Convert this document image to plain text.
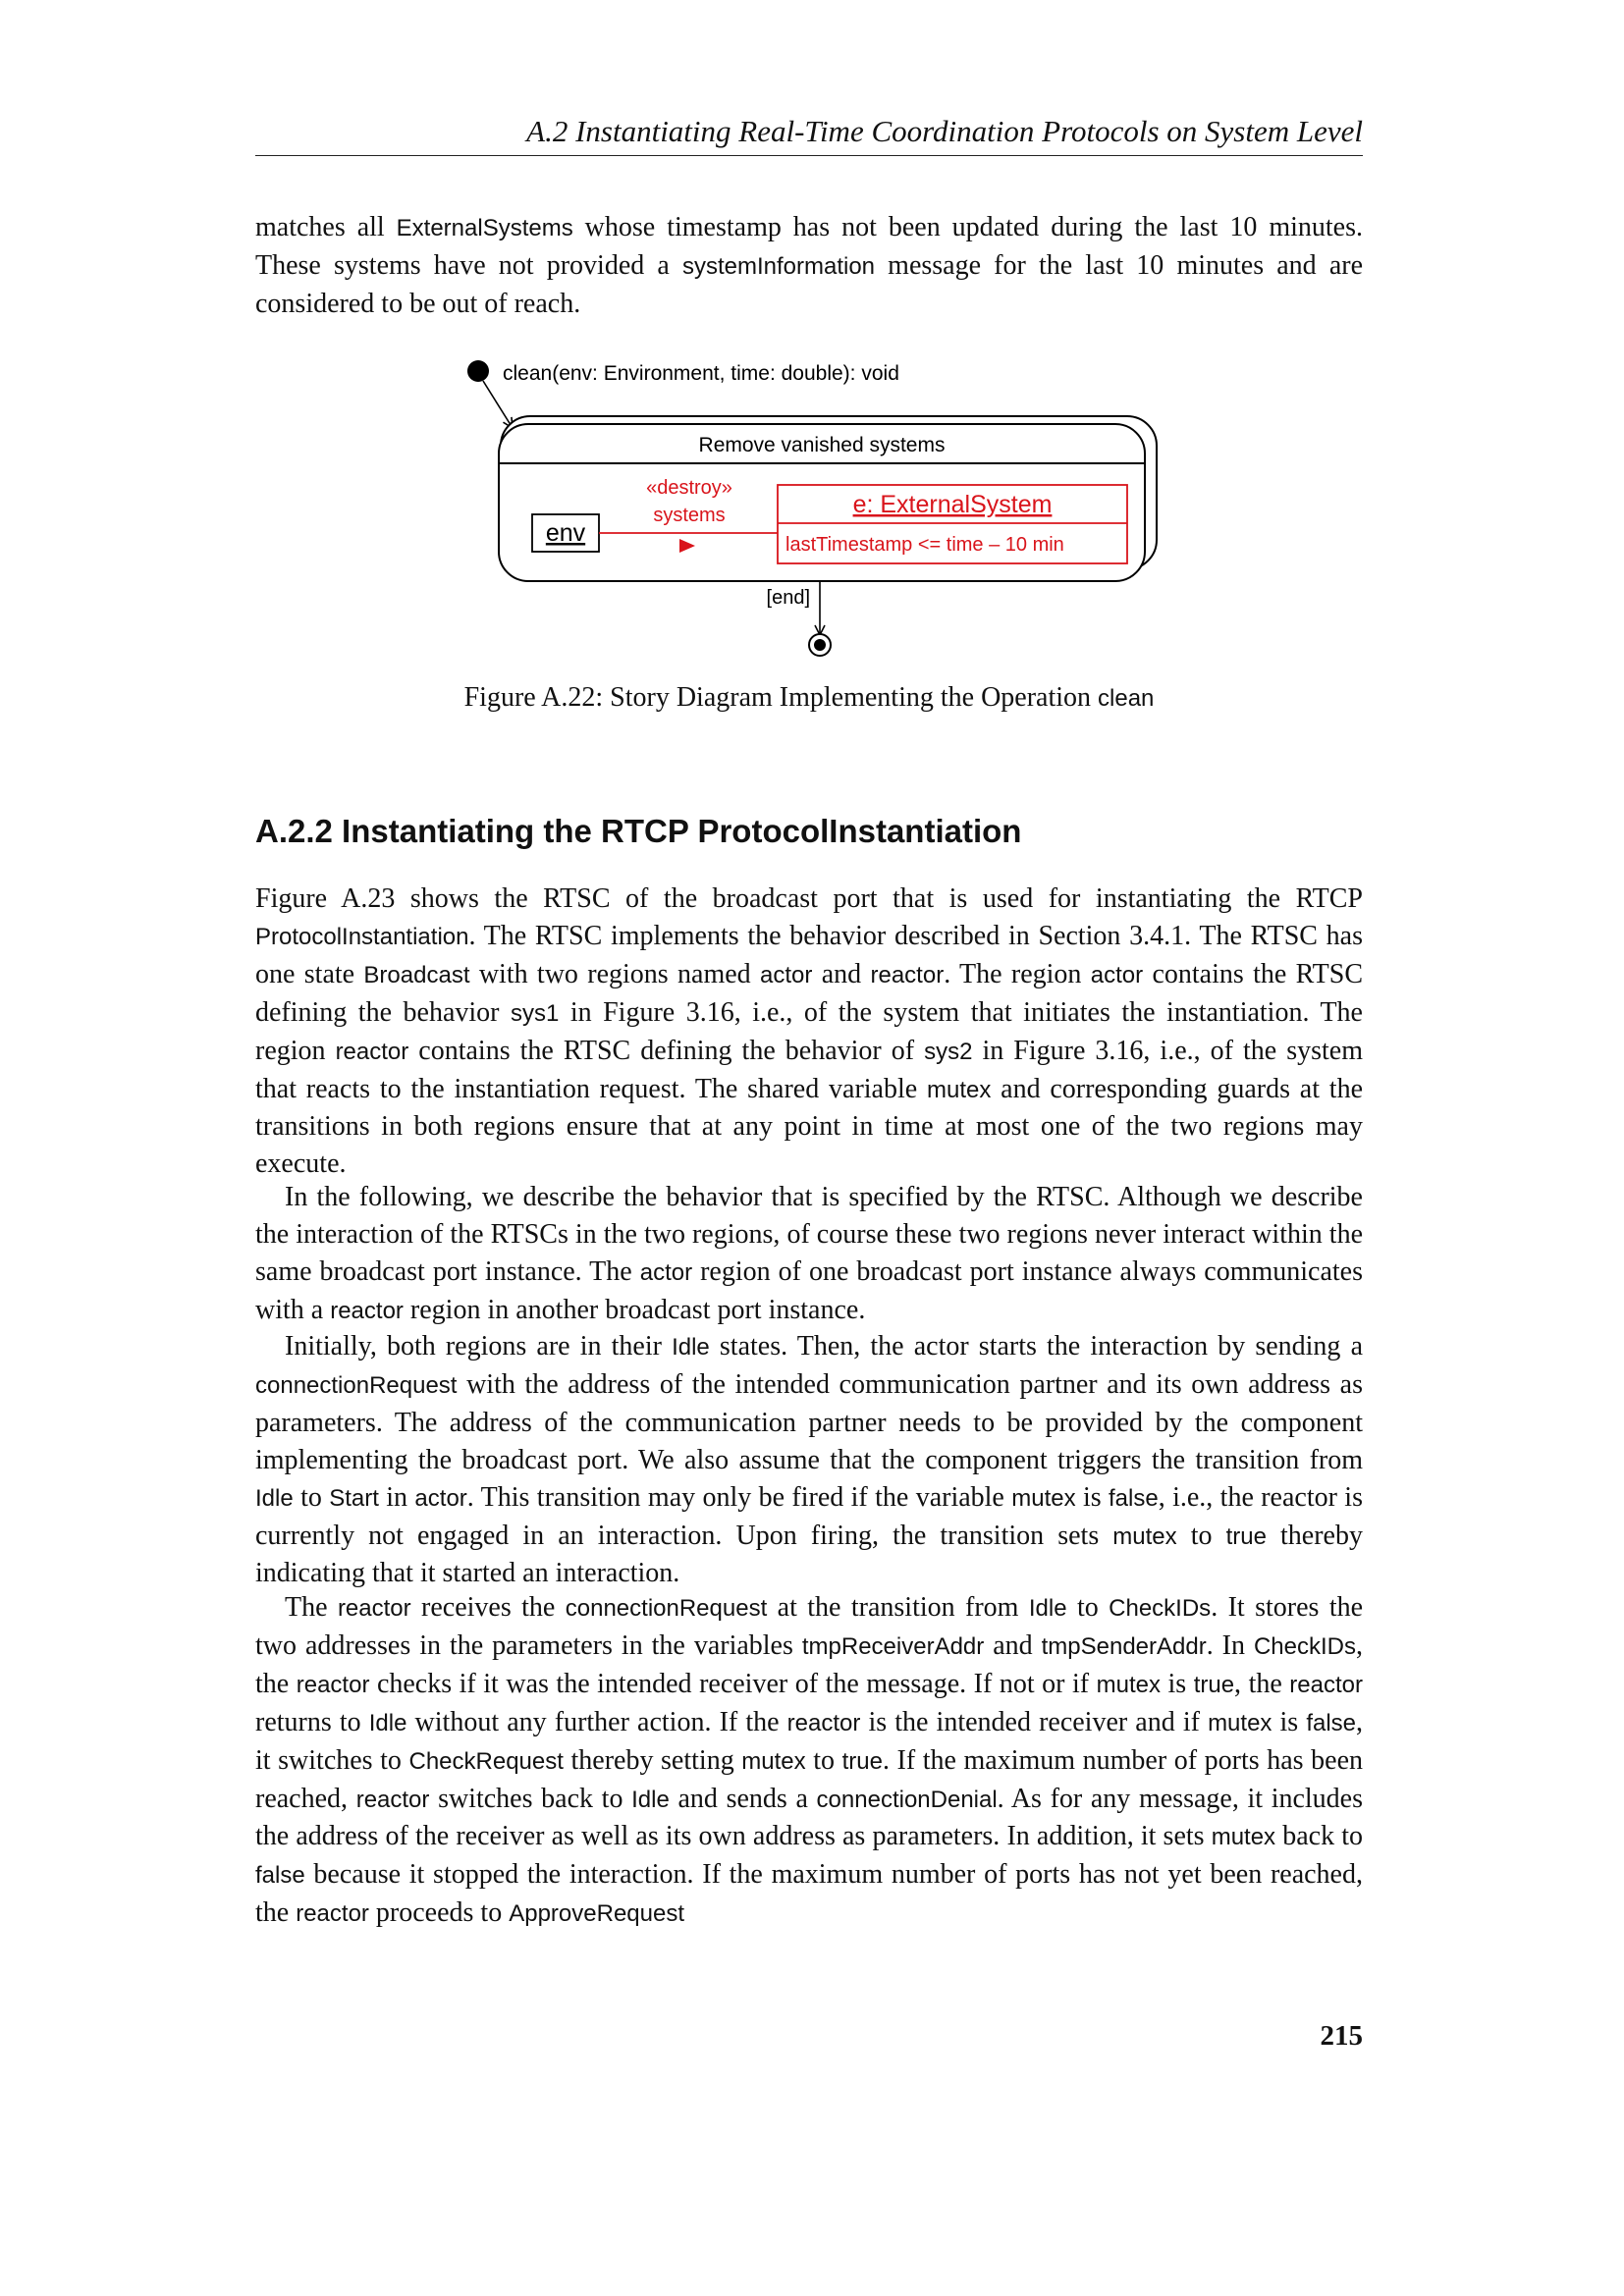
A.2 Instantiating Real-Time Coordination Protocols on System Level

matches all ExternalSystems whose timestamp has not been updated during the last 10 minutes. These systems have not provided a systemInformation message for the last 10 minutes and are considered to be out of reach.

clean(env: Environment, time: double): void
Remove vanished systems
env
«destroy»
systems	e: ExternalSystem
lastTimestamp <= time – 10 min
[end]
Figure A.22: Story Diagram Implementing the Operation clean
A.2.2 Instantiating the RTCP ProtocolInstantiation

Figure A.23 shows the RTSC of the broadcast port that is used for instantiating the RTCP ProtocolInstantiation. The RTSC implements the behavior described in Section 3.4.1. The RTSC has one state Broadcast with two regions named actor and reactor. The region actor contains the RTSC defining the behavior sys1 in Figure 3.16, i.e., of the system that initiates the instantiation. The region reactor contains the RTSC defining the behavior of sys2 in Figure 3.16, i.e., of the system that reacts to the instantiation request. The shared variable mutex and corresponding guards at the transitions in both regions ensure that at any point in time at most one of the two regions may execute.

In the following, we describe the behavior that is specified by the RTSC. Although we describe the interaction of the RTSCs in the two regions, of course these two regions never interact within the same broadcast port instance. The actor region of one broadcast port instance always communicates with a reactor region in another broadcast port instance.

Initially, both regions are in their Idle states. Then, the actor starts the interaction by sending a connectionRequest with the address of the intended communication partner and its own address as parameters. The address of the communication partner needs to be provided by the component implementing the broadcast port. We also assume that the component triggers the transition from Idle to Start in actor. This transition may only be fired if the variable mutex is false, i.e., the reactor is currently not engaged in an interaction. Upon firing, the transition sets mutex to true thereby indicating that it started an interaction.

The reactor receives the connectionRequest at the transition from Idle to CheckIDs. It stores the two addresses in the parameters in the variables tmpReceiverAddr and tmpSenderAddr. In CheckIDs, the reactor checks if it was the intended receiver of the message. If not or if mutex is true, the reactor returns to Idle without any further action. If the reactor is the intended receiver and if mutex is false, it switches to CheckRequest thereby setting mutex to true. If the maximum number of ports has been reached, reactor switches back to Idle and sends a connectionDenial. As for any message, it includes the address of the receiver as well as its own address as parameters. In addition, it sets mutex back to false because it stopped the interaction. If the maximum number of ports has not yet been reached, the reactor proceeds to ApproveRequest

215
